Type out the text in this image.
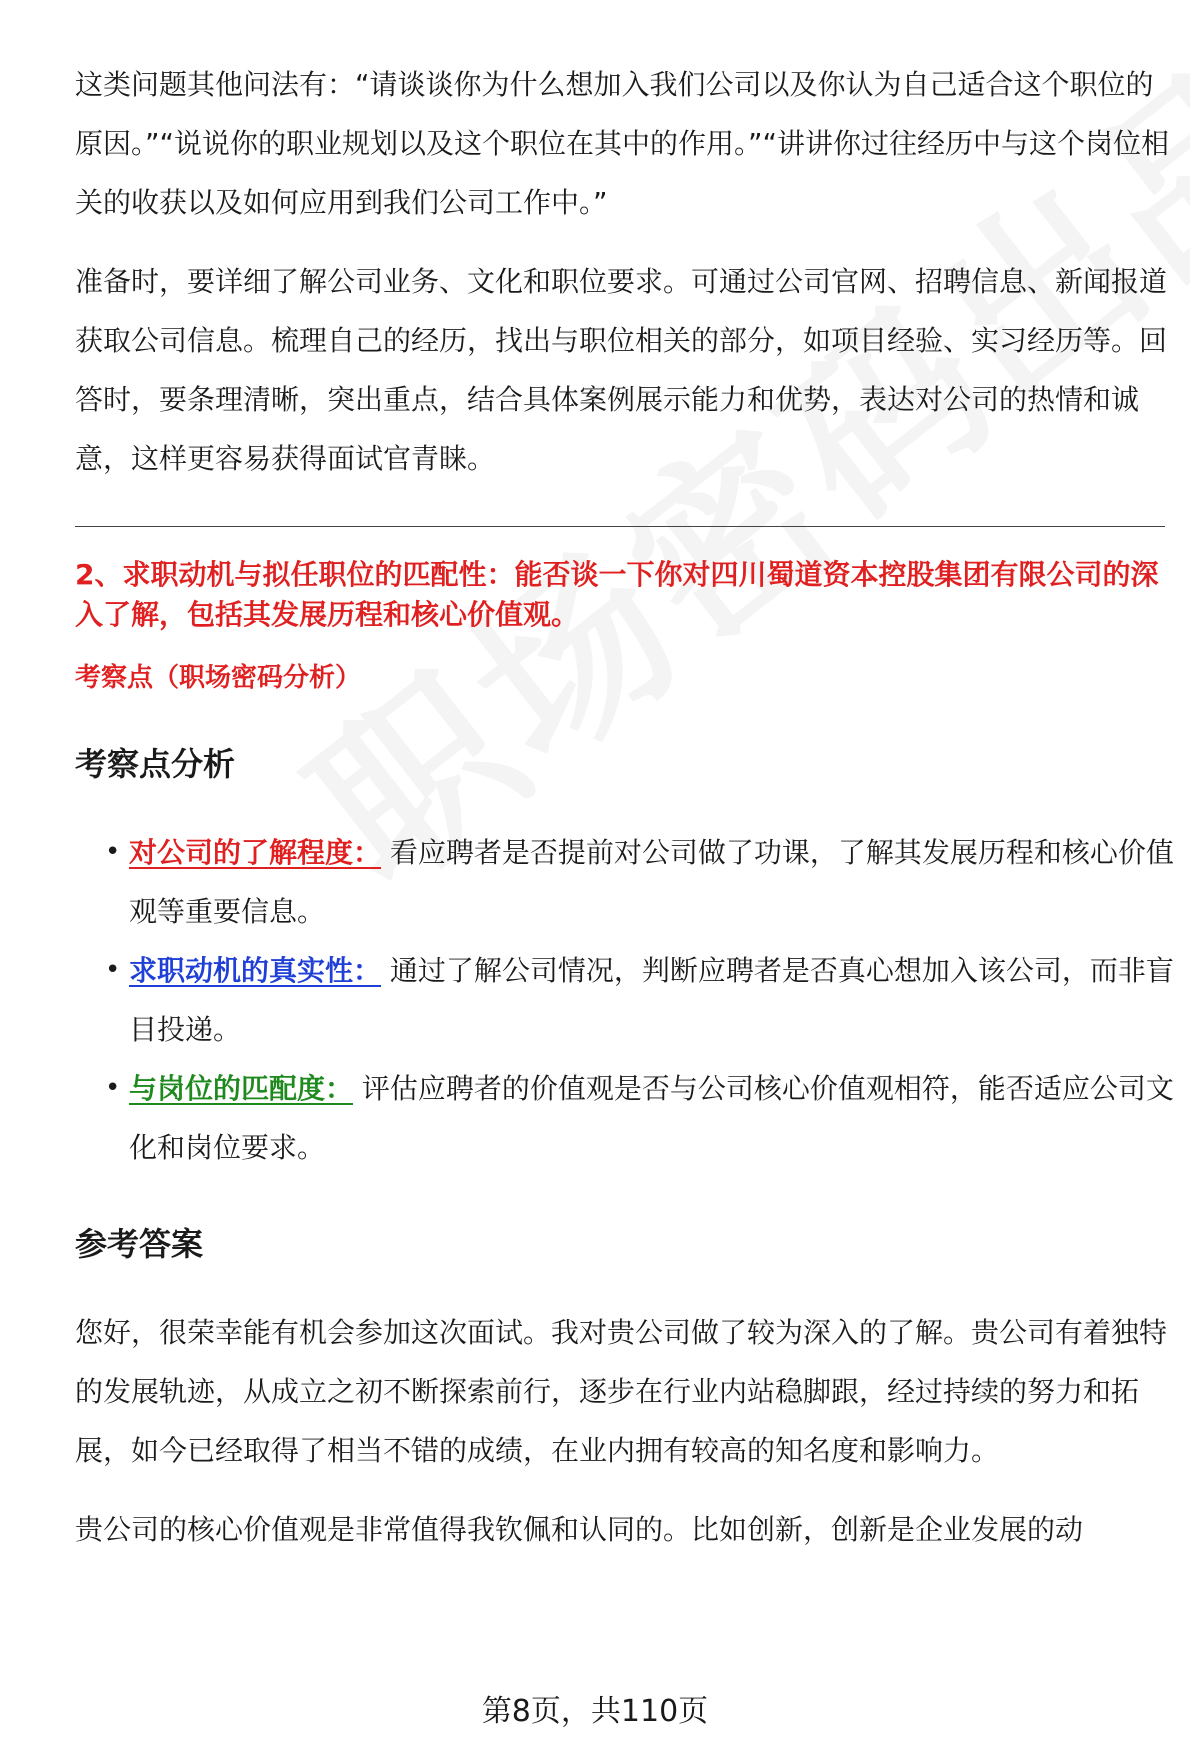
这类问题其他问法有：“请谈谈你为什么想加入我们公司以及你认为自己适合这个职位的原因。”“说说你的职业规划以及这个职位在其中的作用。”“讲讲你过往经历中与这个岗位相关的收获以及如何应用到我们公司工作中。”

准备时，要详细了解公司业务、文化和职位要求。可通过公司官网、招聘信息、新闻报道获取公司信息。梳理自己的经历，找出与职位相关的部分，如项目经验、实习经历等。回答时，要条理清晰，突出重点，结合具体案例展示能力和优势，表达对公司的热情和诚意，这样更容易获得面试官青睐。

2、求职动机与拟任职位的匹配性：能否谈一下你对四川蜀道资本控股集团有限公司的深入了解，包括其发展历程和核心价值观。

考察点（职场密码分析）

考察点分析
• 对公司的了解程度： 看应聘者是否提前对公司做了功课，了解其发展历程和核心价值观等重要信息。
• 求职动机的真实性： 通过了解公司情况，判断应聘者是否真心想加入该公司，而非盲目投递。
• 与岗位的匹配度： 评估应聘者的价值观是否与公司核心价值观相符，能否适应公司文化和岗位要求。
参考答案

您好，很荣幸能有机会参加这次面试。我对贵公司做了较为深入的了解。贵公司有着独特的发展轨迹，从成立之初不断探索前行，逐步在行业内站稳脚跟，经过持续的努力和拓展，如今已经取得了相当不错的成绩，在业内拥有较高的知名度和影响力。

贵公司的核心价值观是非常值得我钦佩和认同的。比如创新，创新是企业发展的动

第8页，共110页
